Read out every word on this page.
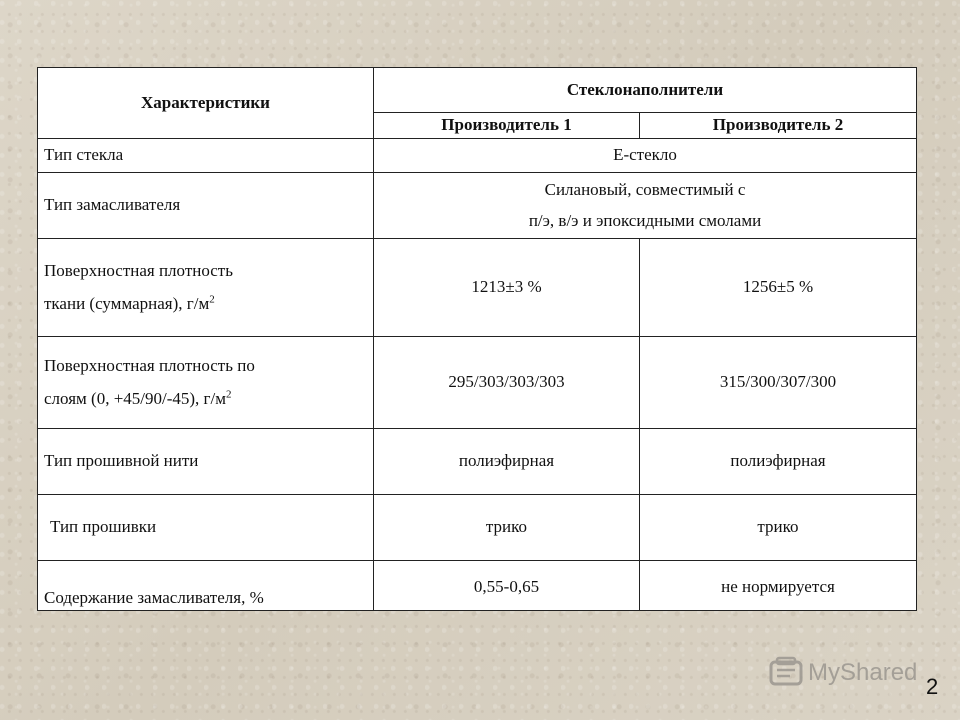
Характеристики	Стеклонаполнители	
	Производитель 1	Производитель 2
Тип стекла	Е-стекло	
Тип замасливателя	Силановый, совместимый с
п/э, в/э и эпоксидными смолами	

Поверхностная плотность
ткани (суммарная), $г/м^2$	1213±3 %	1256±5 %

Поверхностная плотность по
слоям (0, +45/90/-45), $г/м^2$	295/303/303/303	315/300/307/300
Тип прошивной нити	полиэфирная	полиэфирная
Тип прошивки	трико	трико
Содержание замасливателя, %	0,55-0,65	не нормируется
MyShared
2
